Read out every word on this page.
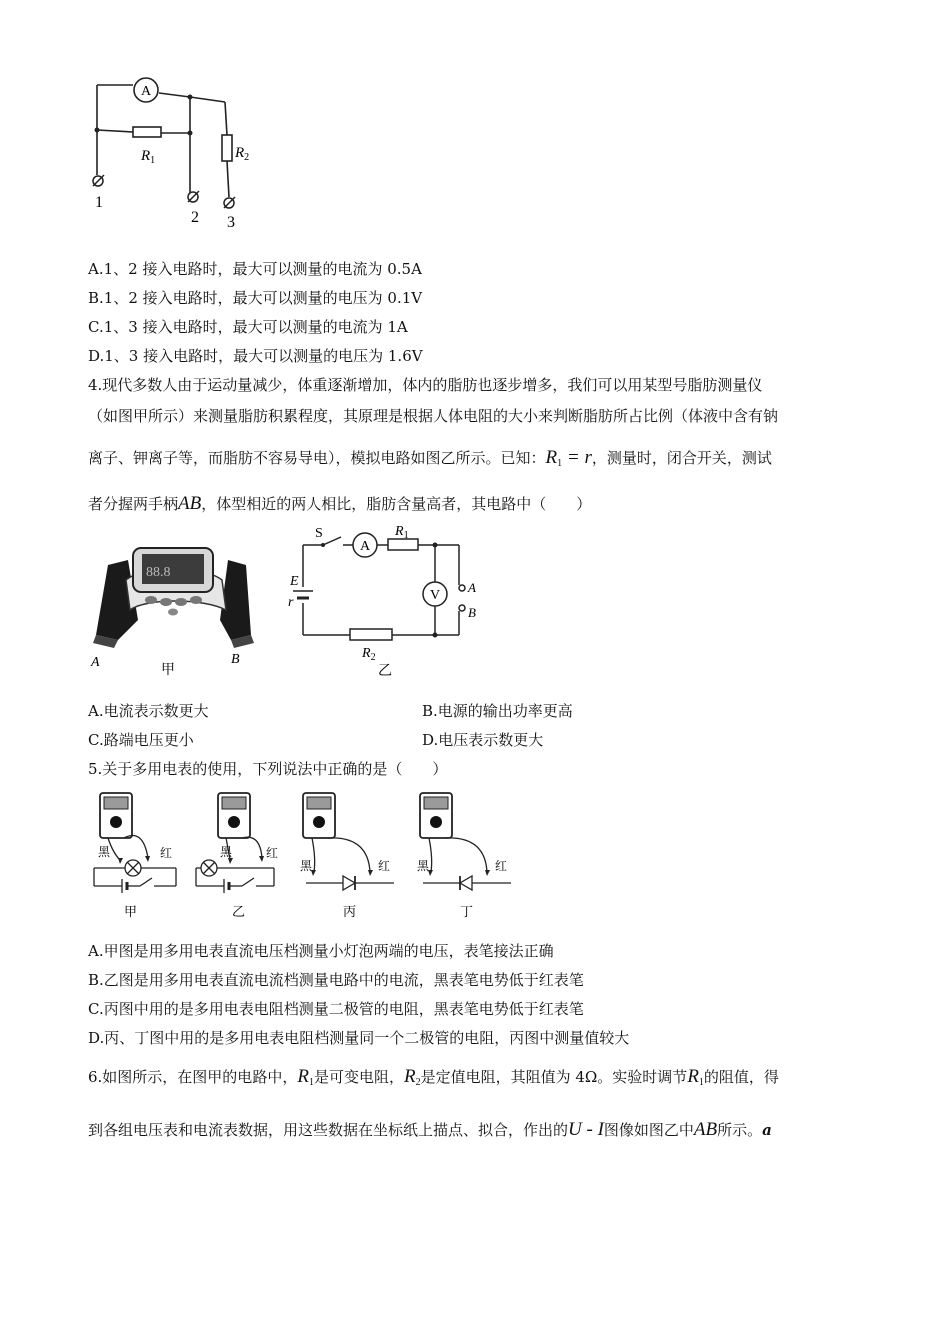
A
$R_1$	$R_2$
1
2 3
A.1、2 接入电路时，最大可以测量的电流为 0.5A
B.1、2 接入电路时，最大可以测量的电压为 0.1V
C.1、3 接入电路时，最大可以测量的电流为 1A
D.1、3 接入电路时，最大可以测量的电压为 1.6V
4.现代多数人由于运动量减少，体重逐渐增加，体内的脂肪也逐步增多，我们可以用某型号脂肪测量仪
（如图甲所示）来测量脂肪积累程度，其原理是根据人体电阻的大小来判断脂肪所占比例（体液中含有钠
离子、钾离子等，而脂肪不容易导电），模拟电路如图乙所示。已知：$R_1 = r$，测量时，闭合开关，测试
者分握两手柄AB，体型相近的两人相比，脂肪含量高者，其电路中（　　）
88.8
A	B
甲
S
A
$R_1$
E
r	V
A
B
$R_2$
乙
A.电流表示数更大	B.电源的输出功率更高
C.路端电压更小	D.电压表示数更大
5.关于多用电表的使用，下列说法中正确的是（　　）
黑	红
甲
黑	红
乙
黑	红
丙
黑	红
丁
A.甲图是用多用电表直流电压档测量小灯泡两端的电压，表笔接法正确
B.乙图是用多用电表直流电流档测量电路中的电流，黑表笔电势低于红表笔
C.丙图中用的是多用电表电阻档测量二极管的电阻，黑表笔电势低于红表笔
D.丙、丁图中用的是多用电表电阻档测量同一个二极管的电阻，丙图中测量值较大
6.如图所示，在图甲的电路中，$R_1$是可变电阻，$R_2$是定值电阻，其阻值为 4Ω。实验时调节$R_1$的阻值，得
到各组电压表和电流表数据，用这些数据在坐标纸上描点、拟合，作出的U - I图像如图乙中AB所示。a
